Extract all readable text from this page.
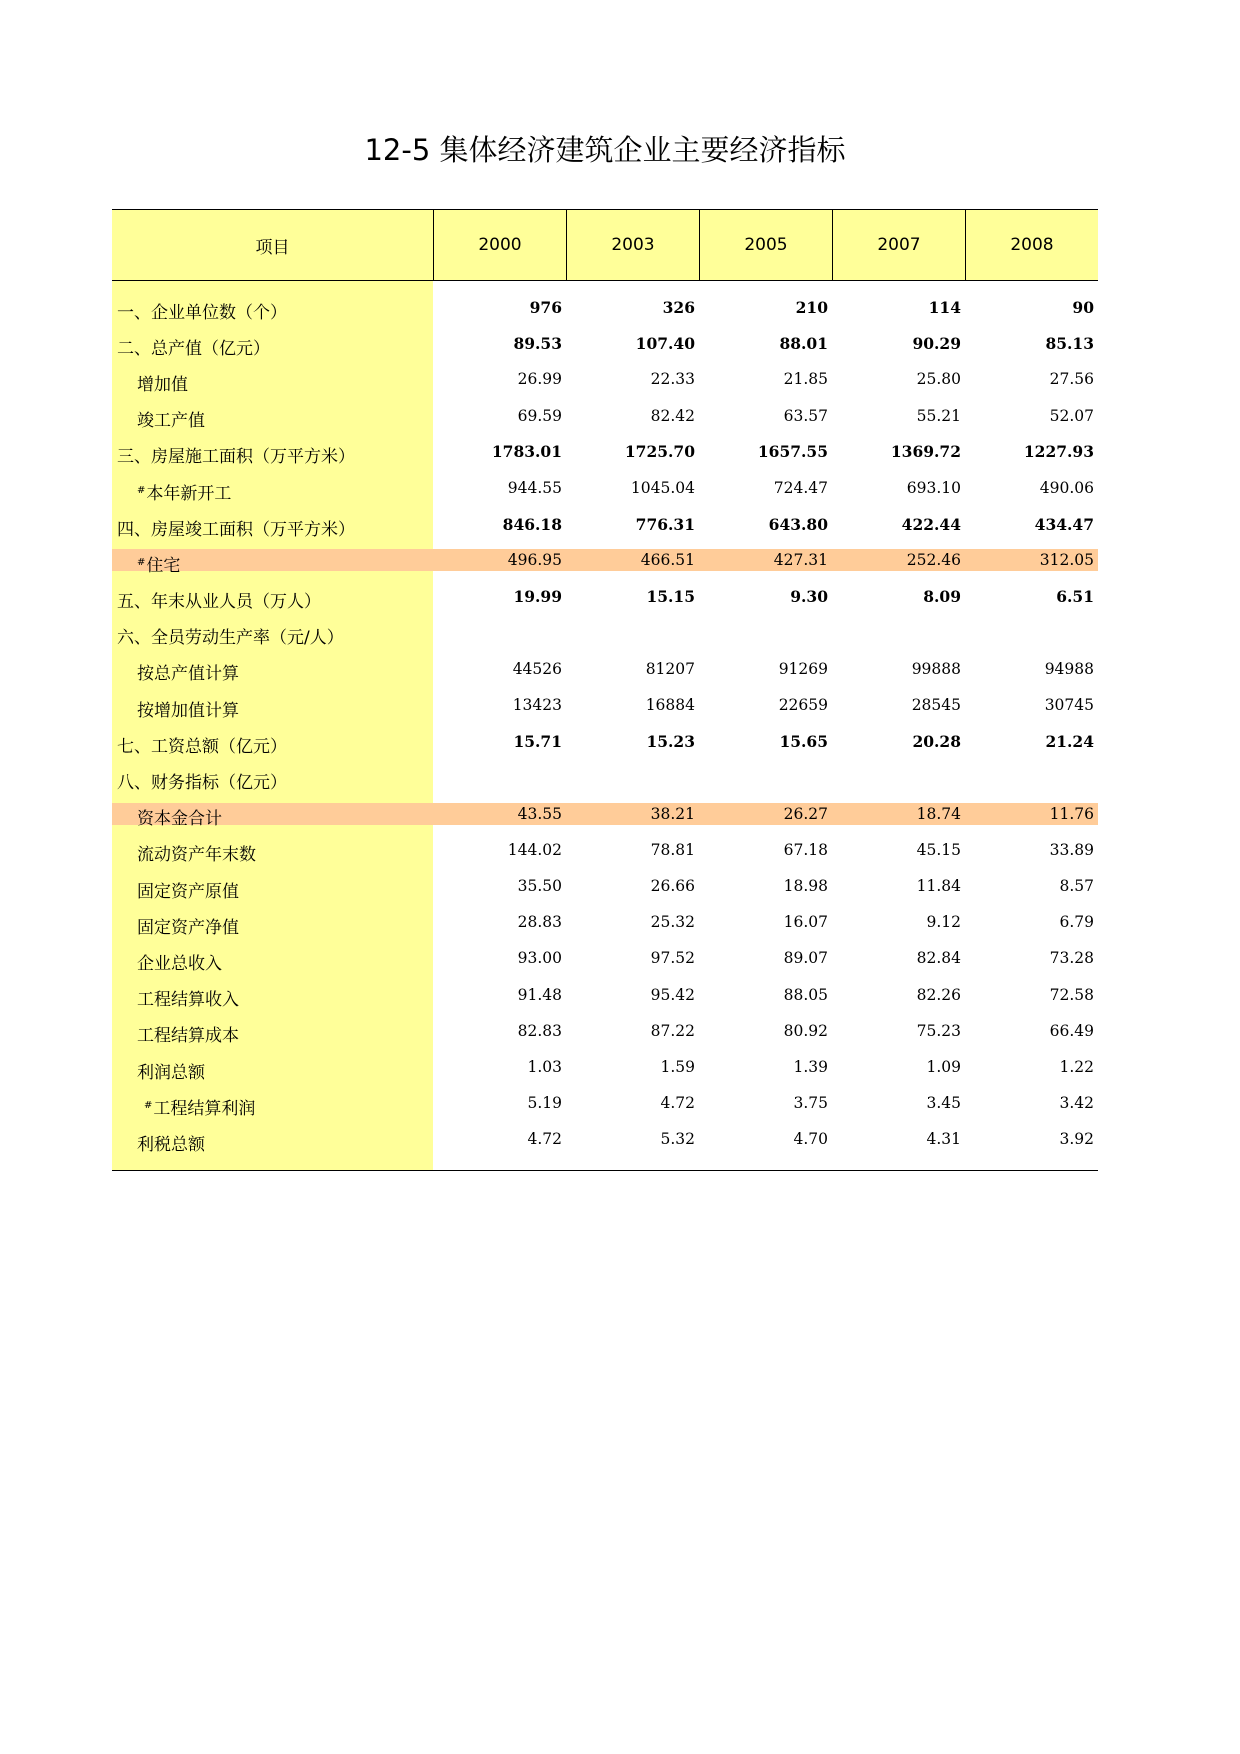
12-5 集体经济建筑企业主要经济指标
项目	2000	2003	2005	2007	2008
一、企业单位数（个）	976	326	210	114	90
二、总产值（亿元）	89.53	107.40	88.01	90.29	85.13
增加值	26.99	22.33	21.85	25.80	27.56
竣工产值	69.59	82.42	63.57	55.21	52.07
三、房屋施工面积（万平方米）	1783.01	1725.70	1657.55	1369.72	1227.93
#本年新开工	944.55	1045.04	724.47	693.10	490.06
四、房屋竣工面积（万平方米）	846.18	776.31	643.80	422.44	434.47
#住宅	496.95	466.51	427.31	252.46	312.05
五、年末从业人员（万人）	19.99	15.15	9.30	8.09	6.51
六、全员劳动生产率（元/人）
按总产值计算	44526	81207	91269	99888	94988
按增加值计算	13423	16884	22659	28545	30745
七、工资总额（亿元）	15.71	15.23	15.65	20.28	21.24
八、财务指标（亿元）
资本金合计	43.55	38.21	26.27	18.74	11.76
流动资产年末数	144.02	78.81	67.18	45.15	33.89
固定资产原值	35.50	26.66	18.98	11.84	8.57
固定资产净值	28.83	25.32	16.07	9.12	6.79
企业总收入	93.00	97.52	89.07	82.84	73.28
工程结算收入	91.48	95.42	88.05	82.26	72.58
工程结算成本	82.83	87.22	80.92	75.23	66.49
利润总额	1.03	1.59	1.39	1.09	1.22
#工程结算利润	5.19	4.72	3.75	3.45	3.42
利税总额	4.72	5.32	4.70	4.31	3.92
